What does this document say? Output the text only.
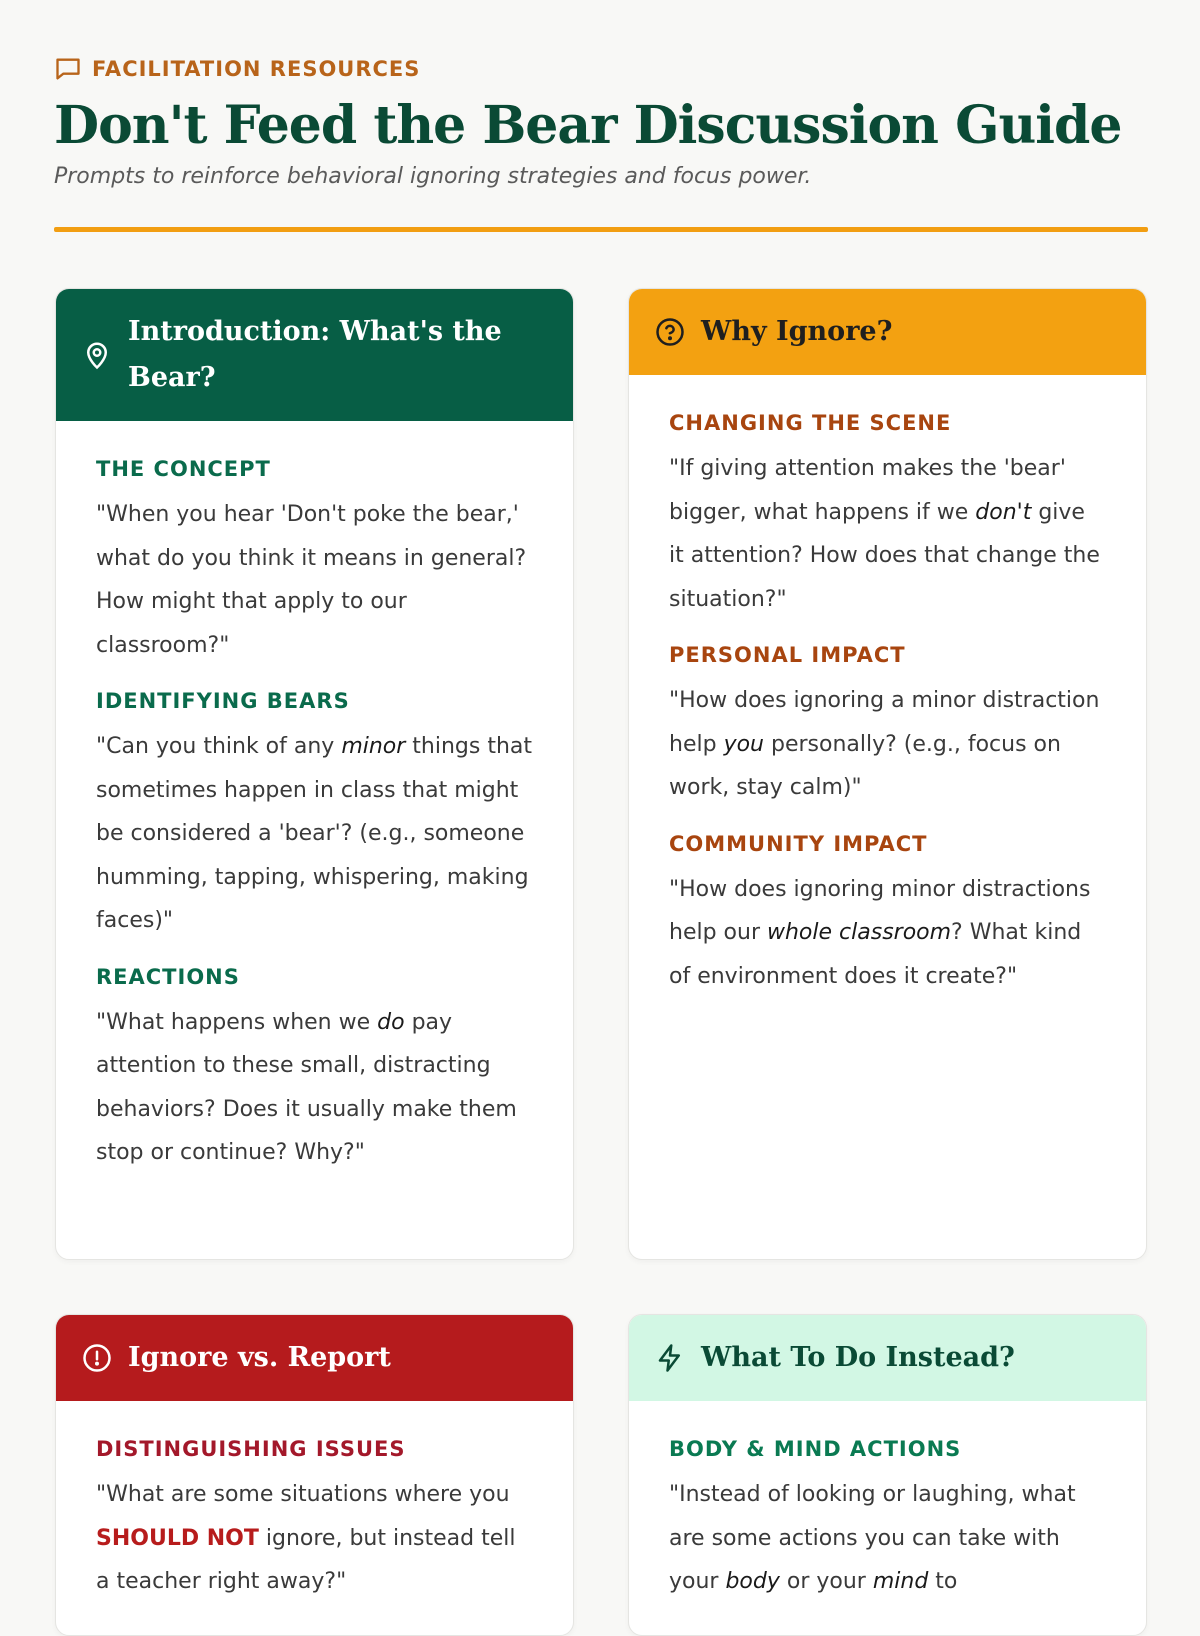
FACILITATION RESOURCES
Don't Feed the Bear Discussion Guide
Prompts to reinforce behavioral ignoring strategies and focus power.
Introduction: What's the Bear?
THE CONCEPT

"When you hear 'Don't poke the bear,' what do you think it means in general? How might that apply to our classroom?"

IDENTIFYING BEARS

"Can you think of any minor things that sometimes happen in class that might be considered a 'bear'? (e.g., someone humming, tapping, whispering, making faces)"

REACTIONS

"What happens when we do pay attention to these small, distracting behaviors? Does it usually make them stop or continue? Why?"

Why Ignore?
CHANGING THE SCENE

"If giving attention makes the 'bear' bigger, what happens if we don't give it attention? How does that change the situation?"

PERSONAL IMPACT

"How does ignoring a minor distraction help you personally? (e.g., focus on work, stay calm)"

COMMUNITY IMPACT

"How does ignoring minor distractions help our whole classroom? What kind of environment does it create?"

Ignore vs. Report
DISTINGUISHING ISSUES

"What are some situations where you SHOULD NOT ignore, but instead tell a teacher right away?"

What To Do Instead?
BODY & MIND ACTIONS

"Instead of looking or laughing, what are some actions you can take with your body or your mind to
